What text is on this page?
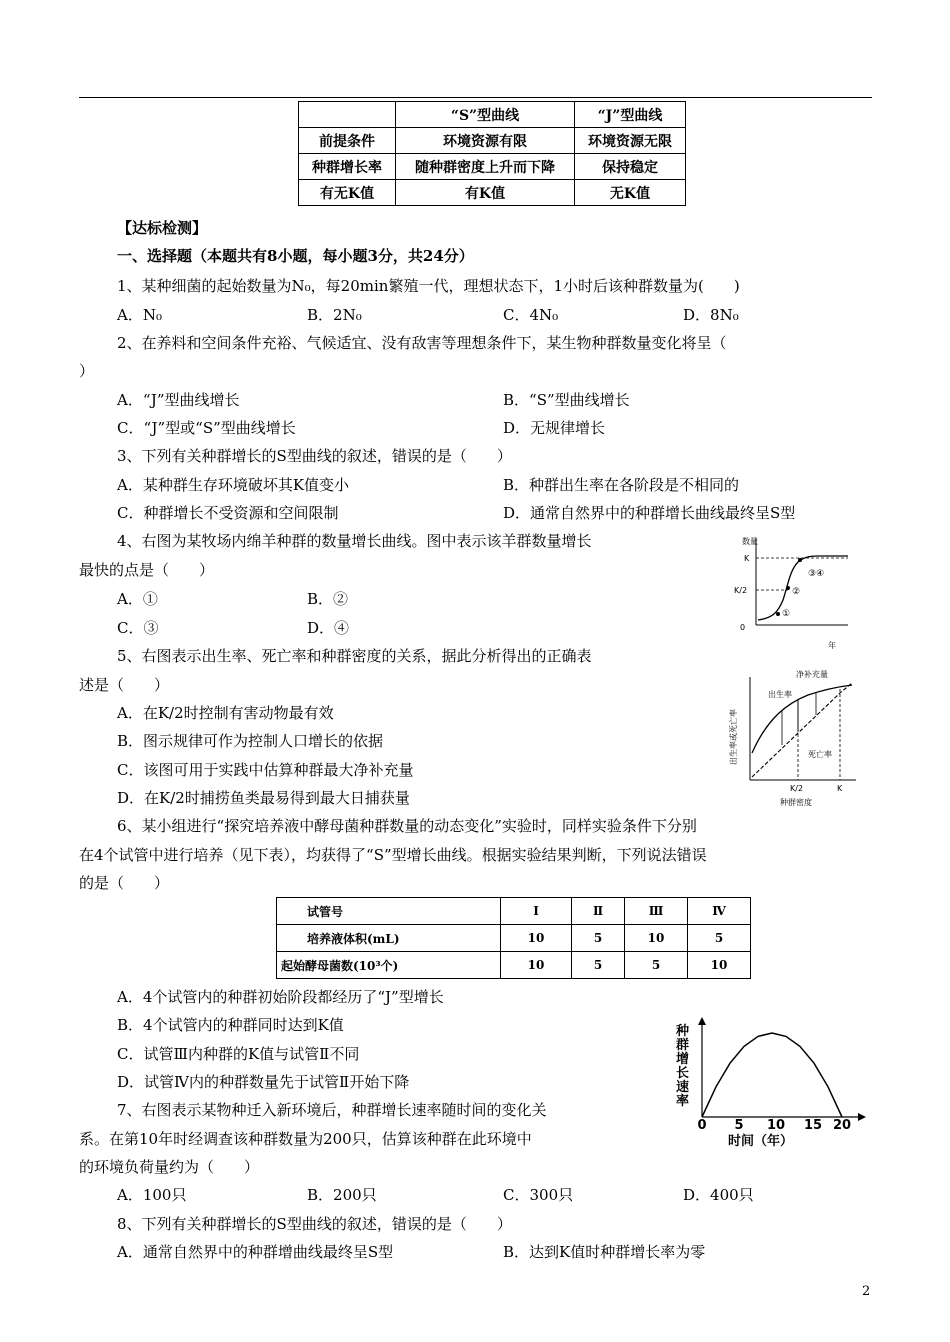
	“S”型曲线	“J”型曲线
前提条件	环境资源有限	环境资源无限
种群增长率	随种群密度上升而下降	保持稳定
有无K值	有K值	无K值
【达标检测】
一、选择题（本题共有8小题，每小题3分，共24分）
1、某种细菌的起始数量为N₀，每20min繁殖一代，理想状态下，1小时后该种群数量为(　　)
A．N₀	B．2N₀	C．4N₀	D．8N₀
2、在养料和空间条件充裕、气候适宜、没有敌害等理想条件下，某生物种群数量变化将呈（
）
A．“J”型曲线增长	B．“S”型曲线增长
C．“J”型或“S”型曲线增长	D．无规律增长
3、下列有关种群增长的S型曲线的叙述，错误的是（　　）
A．某种群生存环境破坏其K值变小	B．种群出生率在各阶段是不相同的
C．种群增长不受资源和空间限制	D．通常自然界中的种群增长曲线最终呈S型
4、右图为某牧场内绵羊种群的数量增长曲线。图中表示该羊群数量增长
最快的点是（　　）
A．①	B．②
C．③	D．④
数量
K
K/2
0
年
①
②
③④
5、右图表示出生率、死亡率和种群密度的关系，据此分析得出的正确表
述是（　　）
A．在K/2时控制有害动物最有效
B．图示规律可作为控制人口增长的依据
C．该图可用于实践中估算种群最大净补充量
D．在K/2时捕捞鱼类最易得到最大日捕获量
出生率或死亡率
净补充量
出生率
死亡率
K/2	K
种群密度
6、某小组进行“探究培养液中酵母菌种群数量的动态变化”实验时，同样实验条件下分别
在4个试管中进行培养（见下表），均获得了“S”型增长曲线。根据实验结果判断，下列说法错误
的是（　　）
试管号	Ⅰ	Ⅱ	Ⅲ	Ⅳ
培养液体积(mL)	10	5	10	5
起始酵母菌数(10³个)	10	5	5	10
A．4个试管内的种群初始阶段都经历了“J”型增长
B．4个试管内的种群同时达到K值
C．试管Ⅲ内种群的K值与试管Ⅱ不同
D．试管Ⅳ内的种群数量先于试管Ⅱ开始下降
种
群
增
长
速
率
0 5 10 15 20
时间（年）
7、右图表示某物种迁入新环境后，种群增长速率随时间的变化关
系。在第10年时经调查该种群数量为200只，估算该种群在此环境中
的环境负荷量约为（　　）
A．100只	B．200只	C．300只	D．400只
8、下列有关种群增长的S型曲线的叙述，错误的是（　　）
A．通常自然界中的种群增曲线最终呈S型	B．达到K值时种群增长率为零
2
